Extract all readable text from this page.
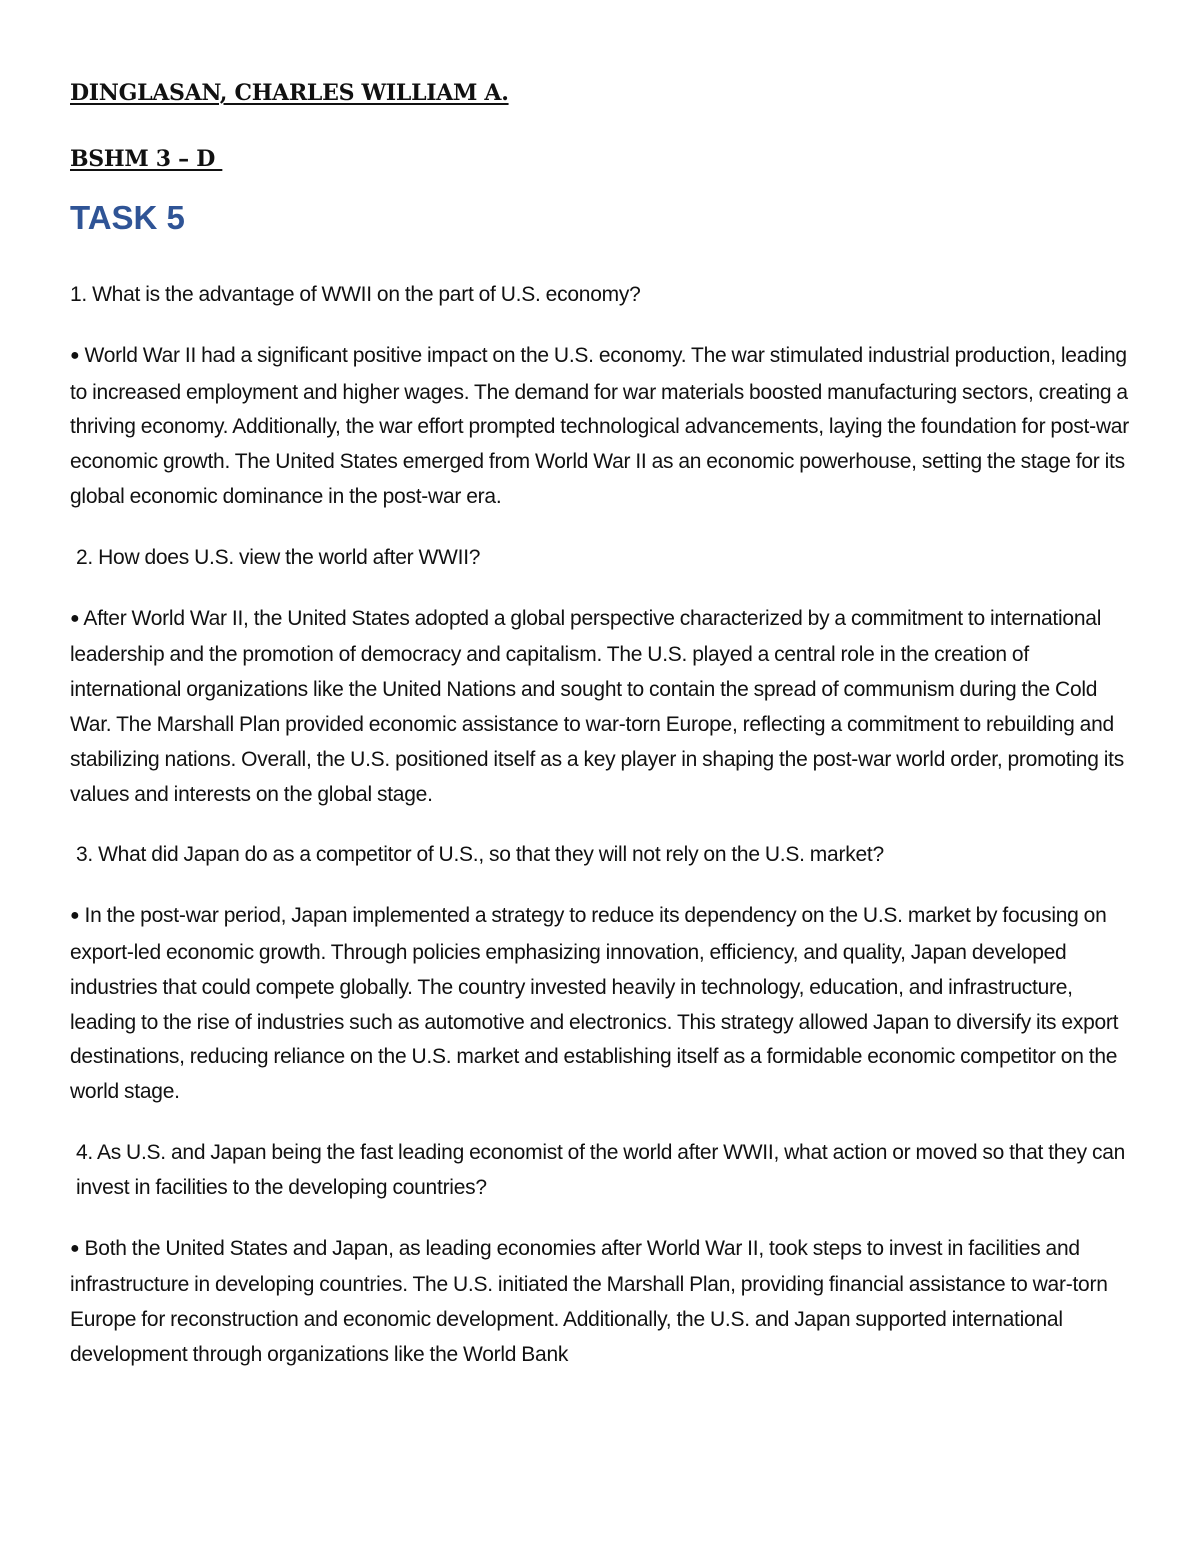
DINGLASAN, CHARLES WILLIAM A.

BSHM 3 – D

TASK 5

1. What is the advantage of WWII on the part of U.S. economy?

● World War II had a significant positive impact on the U.S. economy. The war stimulated industrial production, leading to increased employment and higher wages. The demand for war materials boosted manufacturing sectors, creating a thriving economy. Additionally, the war effort prompted technological advancements, laying the foundation for post-war economic growth. The United States emerged from World War II as an economic powerhouse, setting the stage for its global economic dominance in the post-war era.

2. How does U.S. view the world after WWII?

● After World War II, the United States adopted a global perspective characterized by a commitment to international leadership and the promotion of democracy and capitalism. The U.S. played a central role in the creation of international organizations like the United Nations and sought to contain the spread of communism during the Cold War. The Marshall Plan provided economic assistance to war-torn Europe, reflecting a commitment to rebuilding and stabilizing nations. Overall, the U.S. positioned itself as a key player in shaping the post-war world order, promoting its values and interests on the global stage.

3. What did Japan do as a competitor of U.S., so that they will not rely on the U.S. market?

● In the post-war period, Japan implemented a strategy to reduce its dependency on the U.S. market by focusing on export-led economic growth. Through policies emphasizing innovation, efficiency, and quality, Japan developed industries that could compete globally. The country invested heavily in technology, education, and infrastructure, leading to the rise of industries such as automotive and electronics. This strategy allowed Japan to diversify its export destinations, reducing reliance on the U.S. market and establishing itself as a formidable economic competitor on the world stage.

4. As U.S. and Japan being the fast leading economist of the world after WWII, what action or moved so that they can invest in facilities to the developing countries?

● Both the United States and Japan, as leading economies after World War II, took steps to invest in facilities and infrastructure in developing countries. The U.S. initiated the Marshall Plan, providing financial assistance to war-torn Europe for reconstruction and economic development. Additionally, the U.S. and Japan supported international development through organizations like the World Bank
